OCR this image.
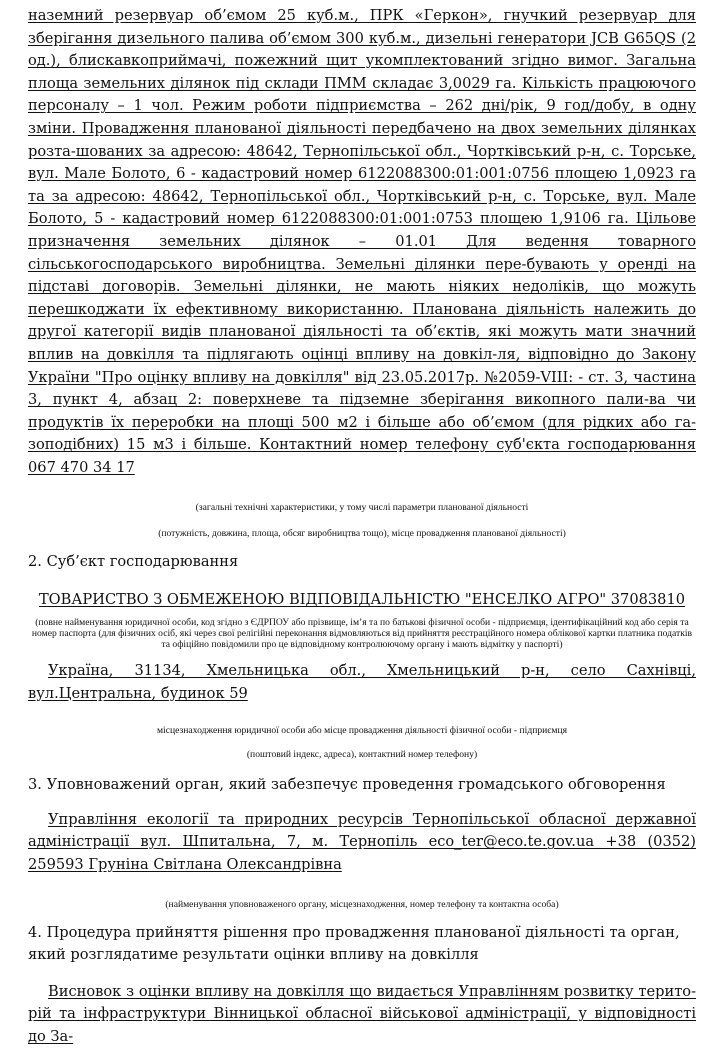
наземний резервуар об’ємом 25 куб.м., ПРК «Геркон», гнучкий резервуар для зберігання дизельного палива об’ємом 300 куб.м., дизельні генератори JCB G65QS (2 од.), блискавкоприймачі, пожежний щит укомплектований згідно вимог. Загальна площа земельних ділянок під склади ПММ складає 3,0029 га. Кількість працюючого персоналу – 1 чол. Режим роботи підприємства – 262 дні/рік, 9 год/добу, в одну зміни. Провадження планованої діяльності передбачено на двох земельних ділянках розта-шованих за адресою: 48642, Тернопільської обл., Чортківський р-н, с. Торське, вул. Мале Болото, 6 - кадастровий номер 6122088300:01:001:0756 площею 1,0923 га та за адресою: 48642, Тернопільської обл., Чортківський р-н, с. Торське, вул. Мале Болото, 5 - кадастровий номер 6122088300:01:001:0753 площею 1,9106 га. Цільове призначення земельних ділянок – 01.01 Для ведення товарного сільськогосподарського виробництва. Земельні ділянки пере-бувають у оренді на підставі договорів. Земельні ділянки, не мають ніяких недоліків, що можуть перешкоджати їх ефективному використанню. Планована діяльність належить до другої категорії видів планованої діяльності та об’єктів, які можуть мати значний вплив на довкілля та підлягають оцінці впливу на довкіл-ля, відповідно до Закону України "Про оцінку впливу на довкілля" від 23.05.2017р. №2059-VIII: - ст. 3, частина 3, пункт 4, абзац 2: поверхневе та підземне зберігання викопного пали-ва чи продуктів їх переробки на площі 500 м2 і більше або об’ємом (для рідких або га-зоподібних) 15 м3 і більше. Контактний номер телефону суб'єкта господарювання 067 470 34 17

(загальні технічні характеристики, у тому числі параметри планованої діяльності

(потужність, довжина, площа, обсяг виробництва тощо), місце провадження планованої діяльності)

2. Суб’єкт господарювання

ТОВАРИСТВО З ОБМЕЖЕНОЮ ВІДПОВІДАЛЬНІСТЮ "ЕНСЕЛКО АГРО" 37083810

(повне найменування юридичної особи, код згідно з ЄДРПОУ або прізвище, ім’я та по батькові фізичної особи - підприємця, ідентифікаційний код або серія та номер паспорта (для фізичних осіб, які через свої релігійні переконання відмовляються від прийняття реєстраційного номера облікової картки платника податків та офіційно повідомили про це відповідному контролюючому органу і мають відмітку у паспорті)

Україна, 31134, Хмельницька обл., Хмельницький р-н, село Сахнівці, вул.Центральна, будинок 59

місцезнаходження юридичної особи або місце провадження діяльності фізичної особи - підприємця

(поштовий індекс, адреса), контактний номер телефону)

3. Уповноважений орган, який забезпечує проведення громадського обговорення

Управління екології та природних ресурсів Тернопільської обласної державної адміністрації вул. Шпитальна, 7, м. Тернопіль eco_ter@eco.te.gov.ua +38 (0352) 259593 Груніна Світлана Олександрівна

(найменування уповноваженого органу, місцезнаходження, номер телефону та контактна особа)

4. Процедура прийняття рішення про провадження планованої діяльності та орган, який розглядатиме результати оцінки впливу на довкілля

Висновок з оцінки впливу на довкілля що видається Управлінням розвитку терито-рій та інфраструктури Вінницької обласної військової адміністрації, у відповідності до За-
